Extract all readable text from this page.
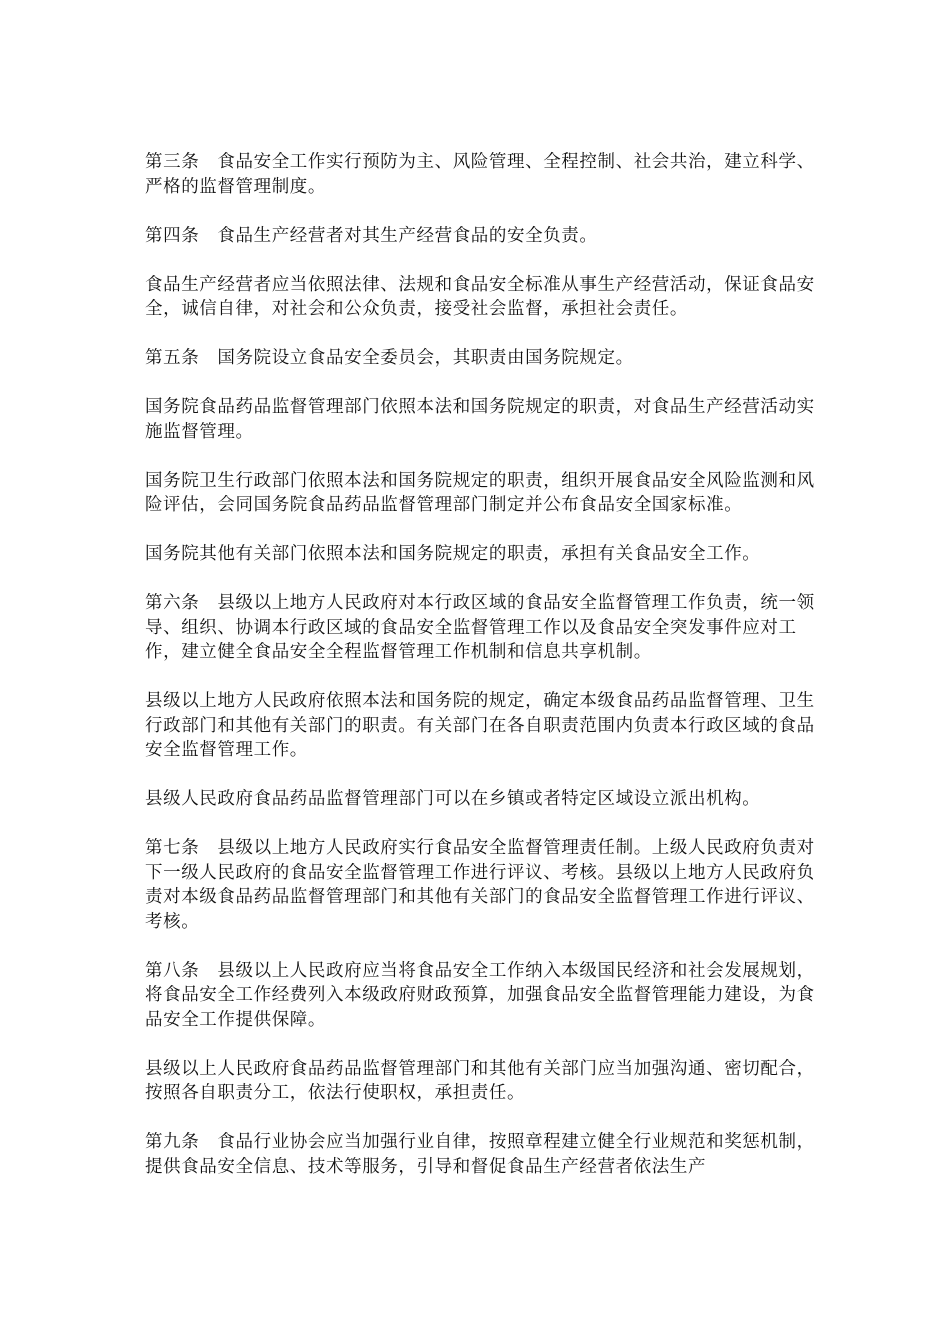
第三条　食品安全工作实行预防为主、风险管理、全程控制、社会共治，建立科学、严格的监督管理制度。

第四条　食品生产经营者对其生产经营食品的安全负责。

食品生产经营者应当依照法律、法规和食品安全标准从事生产经营活动，保证食品安全，诚信自律，对社会和公众负责，接受社会监督，承担社会责任。

第五条　国务院设立食品安全委员会，其职责由国务院规定。

国务院食品药品监督管理部门依照本法和国务院规定的职责，对食品生产经营活动实施监督管理。

国务院卫生行政部门依照本法和国务院规定的职责，组织开展食品安全风险监测和风险评估，会同国务院食品药品监督管理部门制定并公布食品安全国家标准。

国务院其他有关部门依照本法和国务院规定的职责，承担有关食品安全工作。

第六条　县级以上地方人民政府对本行政区域的食品安全监督管理工作负责，统一领导、组织、协调本行政区域的食品安全监督管理工作以及食品安全突发事件应对工作，建立健全食品安全全程监督管理工作机制和信息共享机制。

县级以上地方人民政府依照本法和国务院的规定，确定本级食品药品监督管理、卫生行政部门和其他有关部门的职责。有关部门在各自职责范围内负责本行政区域的食品安全监督管理工作。

县级人民政府食品药品监督管理部门可以在乡镇或者特定区域设立派出机构。

第七条　县级以上地方人民政府实行食品安全监督管理责任制。上级人民政府负责对下一级人民政府的食品安全监督管理工作进行评议、考核。县级以上地方人民政府负责对本级食品药品监督管理部门和其他有关部门的食品安全监督管理工作进行评议、考核。

第八条　县级以上人民政府应当将食品安全工作纳入本级国民经济和社会发展规划，将食品安全工作经费列入本级政府财政预算，加强食品安全监督管理能力建设，为食品安全工作提供保障。

县级以上人民政府食品药品监督管理部门和其他有关部门应当加强沟通、密切配合，按照各自职责分工，依法行使职权，承担责任。

第九条　食品行业协会应当加强行业自律，按照章程建立健全行业规范和奖惩机制，提供食品安全信息、技术等服务，引导和督促食品生产经营者依法生产
